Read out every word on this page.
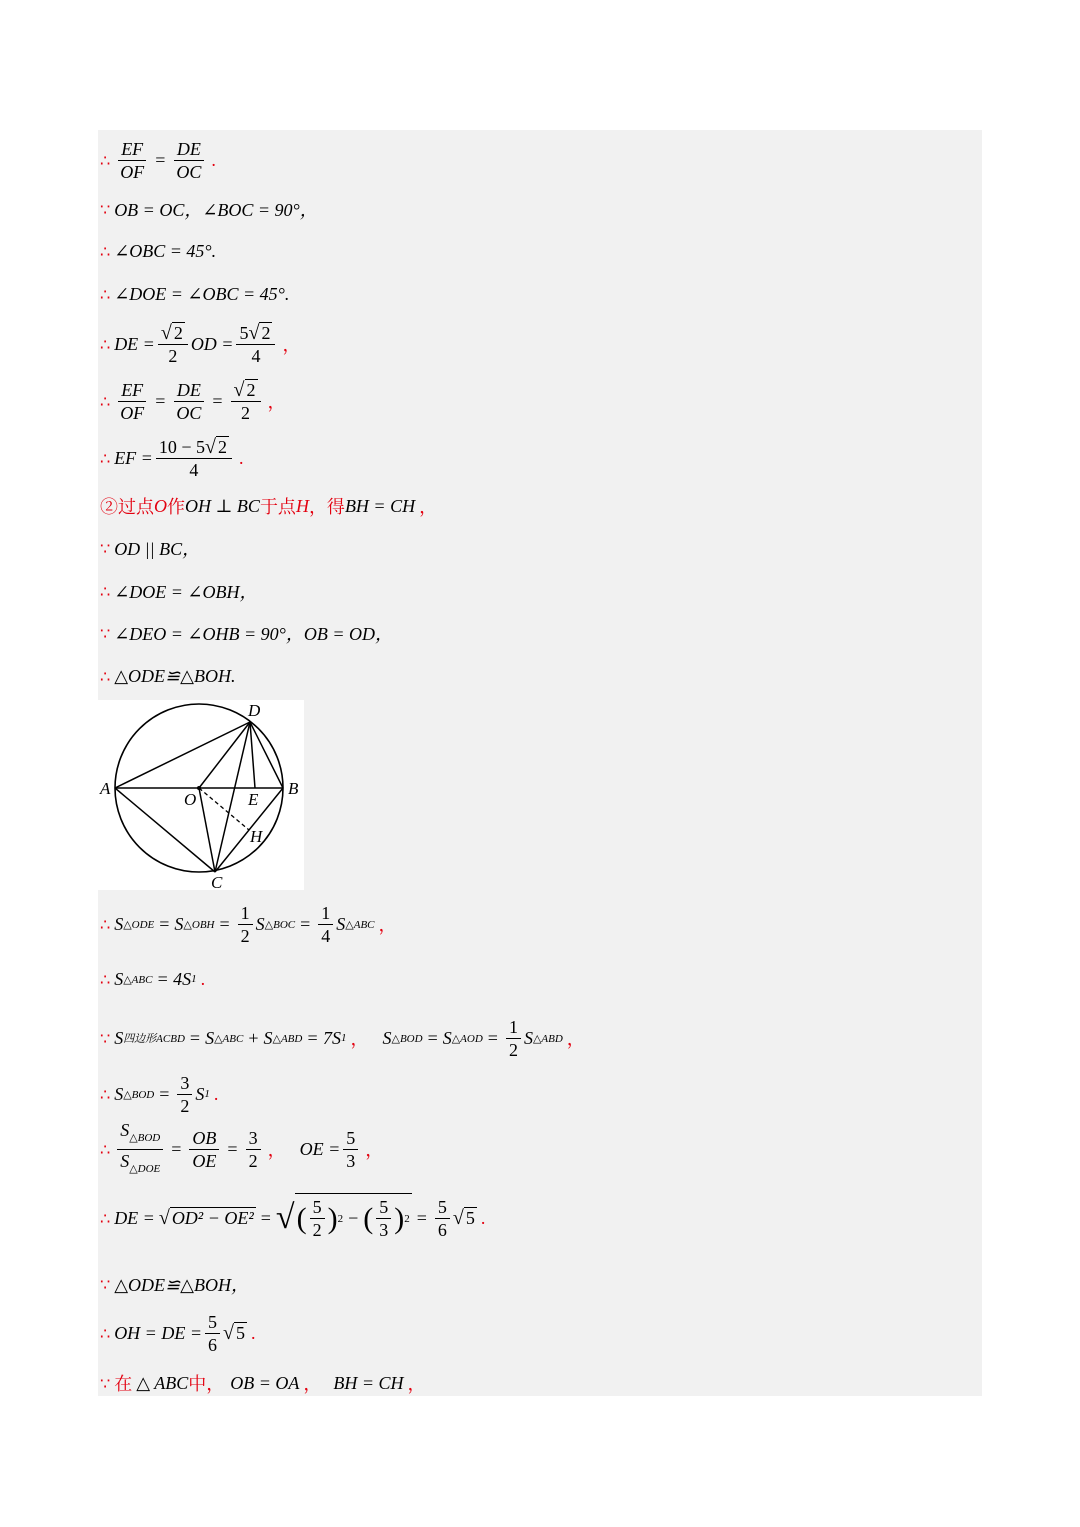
∴ $\frac{EF}{OF} = \frac{DE}{OC}$ .
∵ OB = OC，∠BOC = 90°，
∴ ∠OBC = 45°.
∴ ∠DOE = ∠OBC = 45°.
∴ DE = $\frac{√ 2}{2}$ OD = $\frac{5 √ 2}{4}$ ，
∴ $\frac{EF}{OF} = \frac{DE}{OC} = \frac{√ 2}{2}$ ，
∴ EF = $\frac{10 - 5 √ 2}{4}$ .
②过点 O 作 OH ⊥ BC 于点 H ，得 BH = CH ，
∵ OD || BC，
∴ ∠DOE = ∠OBH，
∵ ∠DEO = ∠OHB = 90°，OB = OD，
∴ △ODE≌△BOH.
D
A	B
O	E
H
C
∴ S △ODE = S △OBH = $\frac{1}{2}$ S △BOC = $\frac{1}{4}$ S △ABC ，
∴ S △ABC = 4S 1 .
∵ S 四边形ACBD = S △ABC + S △ABD = 7S 1 ， S △BOD = S △AOD = $\frac{1}{2}$ S △ABD ，
∴ S △BOD = $\frac{3}{2}$ S 1 .
∴ $\frac{S_{\triangle BOD}}{S_{\triangle DOE}} = \frac{OB}{OE} = \frac{3}{2}$ ， OE = $\frac{5}{3}$ ，
∴ DE = √ OD² − OE² = √ ( $\frac{5}{2}$ ) 2 − ( $\frac{5}{3}$ ) $2 = \frac{5}{6}$ √ 5 .
∵ △ODE≌△BOH，
∴ OH = DE = $\frac{5}{6}$ √ 5 .
∵ 在 △ ABC 中， OB = OA ， BH = CH ，
